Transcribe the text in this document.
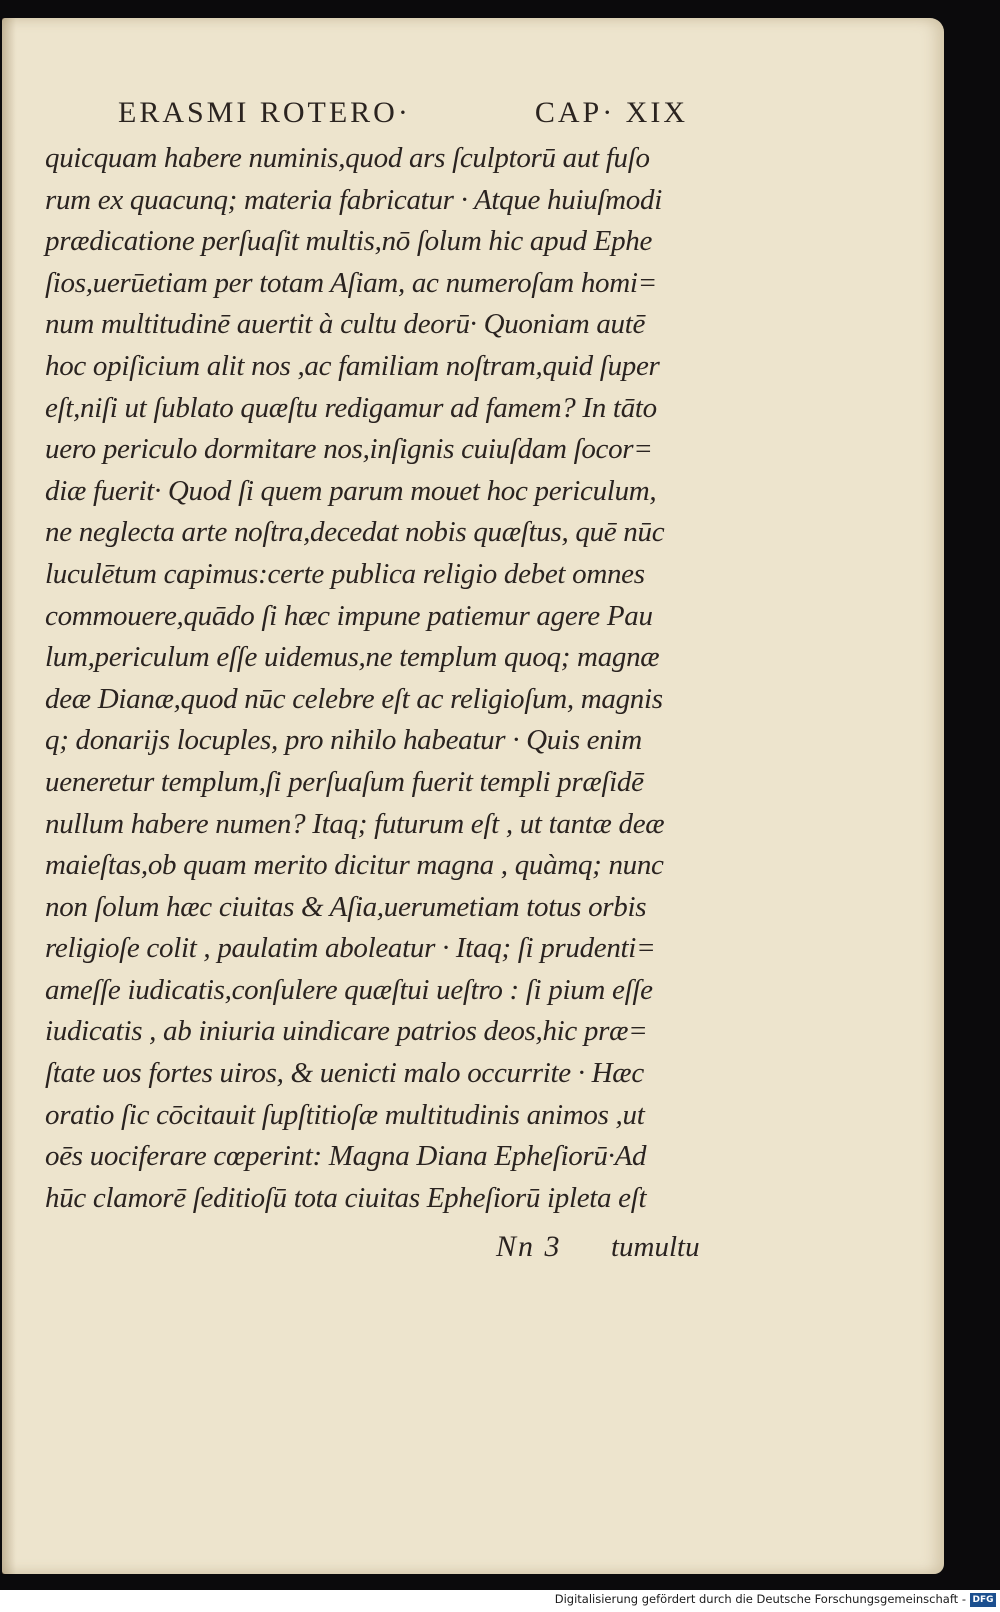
ERASMI ROTERO·	CAP· XIX
quicquam habere numinis,quod ars ſculptorū aut fuſo
rum ex quacunq; materia fabricatur · Atque huiuſmodi
prædicatione perſuaſit multis,nō ſolum hic apud Ephe
ſios,uerūetiam per totam Aſiam, ac numeroſam homi=
num multitudinē auertit à cultu deorū· Quoniam autē
hoc opiſicium alit nos ,ac familiam noſtram,quid ſuper
eſt,niſi ut ſublato quæſtu redigamur ad famem? In tāto
uero periculo dormitare nos,inſignis cuiuſdam ſocor=
diæ fuerit· Quod ſi quem parum mouet hoc periculum,
ne neglecta arte noſtra,decedat nobis quæſtus, quē nūc
luculētum capimus:certe publica religio debet omnes
commouere,quādo ſi hæc impune patiemur agere Pau
lum,periculum eſſe uidemus,ne templum quoq; magnæ
deæ Dianæ,quod nūc celebre eſt ac religioſum, magnis
q; donarijs locuples, pro nihilo habeatur · Quis enim
ueneretur templum,ſi perſuaſum fuerit templi præſidē
nullum habere numen? Itaq; futurum eſt , ut tantæ deæ
maieſtas,ob quam merito dicitur magna , quàmq; nunc
non ſolum hæc ciuitas & Aſia,uerumetiam totus orbis
religioſe colit , paulatim aboleatur · Itaq; ſi prudenti=
ameſſe iudicatis,conſulere quæſtui ueſtro : ſi pium eſſe
iudicatis , ab iniuria uindicare patrios deos,hic præ=
ſtate uos fortes uiros, & uenicti malo occurrite · Hæc
oratio ſic cōcitauit ſupſtitioſæ multitudinis animos ,ut
oēs uociferare cœperint: Magna Diana Epheſiorū·Ad
hūc clamorē ſeditioſū tota ciuitas Epheſiorū ipleta eſt
Nn 3 tumultu
Digitalisierung gefördert durch die Deutsche Forschungsgemeinschaft - DFG
